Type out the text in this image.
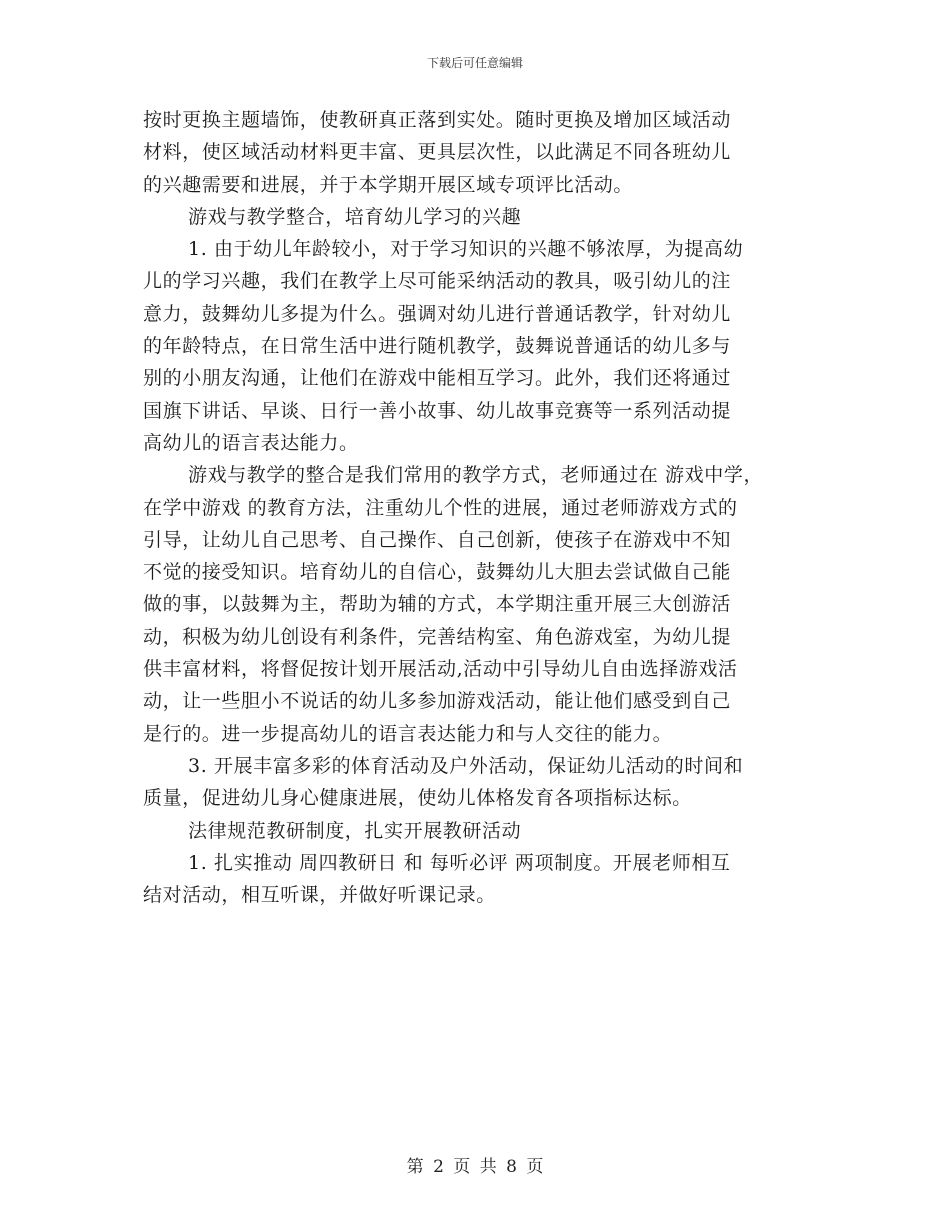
下载后可任意编辑
按时更换主题墙饰，使教研真正落到实处。随时更换及增加区域活动
材料，使区域活动材料更丰富、更具层次性，以此满足不同各班幼儿
的兴趣需要和进展，并于本学期开展区域专项评比活动。
游戏与教学整合，培育幼儿学习的兴趣
1. 由于幼儿年龄较小，对于学习知识的兴趣不够浓厚，为提高幼
儿的学习兴趣，我们在教学上尽可能采纳活动的教具，吸引幼儿的注
意力，鼓舞幼儿多提为什么。强调对幼儿进行普通话教学，针对幼儿
的年龄特点，在日常生活中进行随机教学，鼓舞说普通话的幼儿多与
别的小朋友沟通，让他们在游戏中能相互学习。此外，我们还将通过
国旗下讲话、早谈、日行一善小故事、幼儿故事竞赛等一系列活动提
高幼儿的语言表达能力。
游戏与教学的整合是我们常用的教学方式，老师通过在 游戏中学，
在学中游戏 的教育方法，注重幼儿个性的进展，通过老师游戏方式的
引导，让幼儿自己思考、自己操作、自己创新，使孩子在游戏中不知
不觉的接受知识。培育幼儿的自信心，鼓舞幼儿大胆去尝试做自己能
做的事，以鼓舞为主，帮助为辅的方式，本学期注重开展三大创游活
动，积极为幼儿创设有利条件，完善结构室、角色游戏室，为幼儿提
供丰富材料，将督促按计划开展活动,活动中引导幼儿自由选择游戏活
动，让一些胆小不说话的幼儿多参加游戏活动，能让他们感受到自己
是行的。进一步提高幼儿的语言表达能力和与人交往的能力。
3. 开展丰富多彩的体育活动及户外活动，保证幼儿活动的时间和
质量，促进幼儿身心健康进展，使幼儿体格发育各项指标达标。
法律规范教研制度，扎实开展教研活动
1. 扎实推动 周四教研日 和 每听必评 两项制度。开展老师相互
结对活动，相互听课，并做好听课记录。
第 2 页 共 8 页
